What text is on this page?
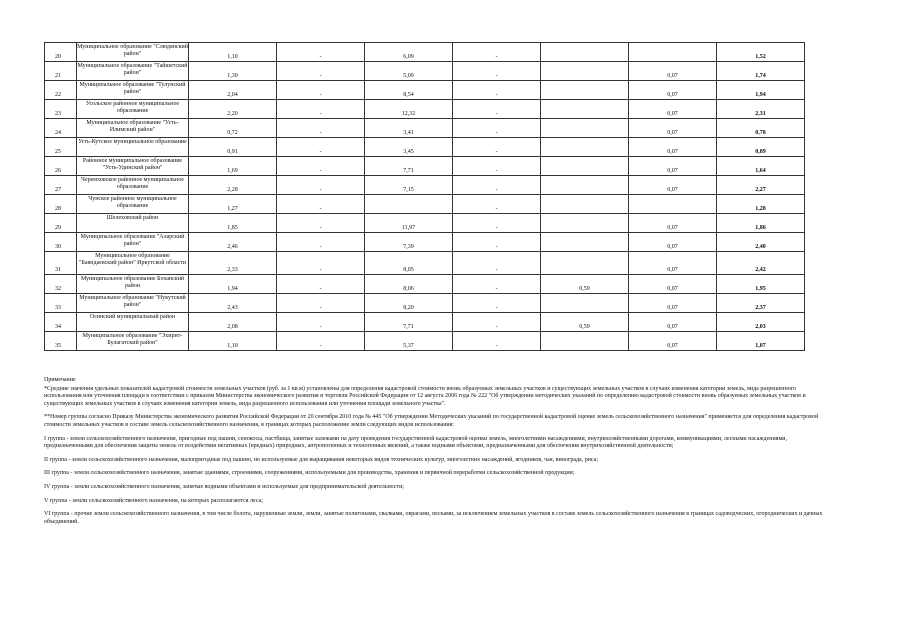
20	Муниципальное образование "Слюдянский район"	1,10	-	6,09	-			1,52
21	Муниципальное образование "Тайшетский район"	1,30	-	5,09	-		0,07	1,74
22	Муниципальное образование "Тулунский район"	2,04	-	8,54	-		0,07	1,94
23	Усольское районное муниципальное образование	2,20	-	12,32	-		0,07	2,31
24	Муниципальное образование "Усть-Илимский район"	0,72	-	3,41	-		0,07	0,78
25	Усть-Кутское муниципальное образование	0,91	-	3,45	-		0,07	0,89
26	Районное муниципальное образование "Усть-Удинский район"	1,69	-	7,71	-		0,07	1,64
27	Черемховское районное муниципальное образование	2,28	-	7,15	-		0,07	2,27
28	Чунское районное муниципальное образование	1,27	-		-			1,28
29	Шелеховский район	1,85	-	11,97	-		0,07	1,86
30	Муниципальное образование "Аларский район"	2,46	-	7,39	-		0,07	2,40
31	Муниципальное образование "Баяндаевский район" Иркутской области	2,33	-	8,05	-		0,07	2,42
32	Муниципальное образование Боханский район	1,94	-	8,06	-	0,59	0,07	1,95
33	Муниципальное образование "Нукутский район"	2,43	-	8,20	-		0,07	2,37
34	Осинский муниципальный район	2,08	-	7,71	-	0,59	0,07	2,03
35	Муниципальное образование "Эхирит-Булагатский район"	1,10	-	5,37	-		0,07	1,07

Примечание

*Средние значения удельных показателей кадастровой стоимости земельных участков (руб. за 1 кв.м) установлены для определения кадастровой стоимости вновь образуемых земельных участков и существующих земельных участков в случаях изменения категории земель, вида разрешенного использования или уточнения площади в соответствии с приказом Министерства экономического развития и торговли Российской Федерации от 12 августа 2006 года № 222 "Об утверждении методических указаний по определению кадастровой стоимости вновь образуемых земельных участков и существующих земельных участков в случаях изменения категории земель, вида разрешенного использования или уточнения площади земельного участка".

**Номер группы согласно Приказу Министерства экономического развития Российской Федерации от 20 сентября 2010 года № 445 "Об утверждении Методических указаний по государственной кадастровой оценке земель сельскохозяйственного назначения" применяется для определения кадастровой стоимости земельных участков в составе земель сельскохозяйственного назначения, в границах которых расположение земли следующих видов использования:

I группа - земли сельскохозяйственного назначения, пригодные под пашни, сенокосы, пастбища, занятые залежами на дату проведения государственной кадастровой оценки земель, многолетними насаждениями, внутрихозяйственными дорогами, коммуникациями, лесными насаждениями, предназначенными для обеспечения защиты земель от воздействия негативных (вредных) природных, антропогенных и техногенных явлений, а также водными объектами, предназначенными для обеспечения внутрихозяйственной деятельности;

II группа - земли сельскохозяйственного назначения, малопригодные под пашню, но используемые для выращивания некоторых видов технических культур, многолетних насаждений, ягодников, чая, винограда, риса;

III группа - земли сельскохозяйственного назначения, занятые зданиями, строениями, сооружениями, используемыми для производства, хранения и первичной переработки сельскохозяйственной продукции;

IV группа - земли сельскохозяйственного назначения, занятые водными объектами и используемые для предпринимательской деятельности;

V группа - земли сельскохозяйственного назначения, на которых располагаются леса;

VI группа - прочие земли сельскохозяйственного назначения, в том числе болота, нарушенные земли, земли, занятые полигонами, свалками, оврагами, песками, за исключением земельных участков в составе земель сельскохозяйственного назначения в границах садоводческих, огороднических и дачных объединений.
